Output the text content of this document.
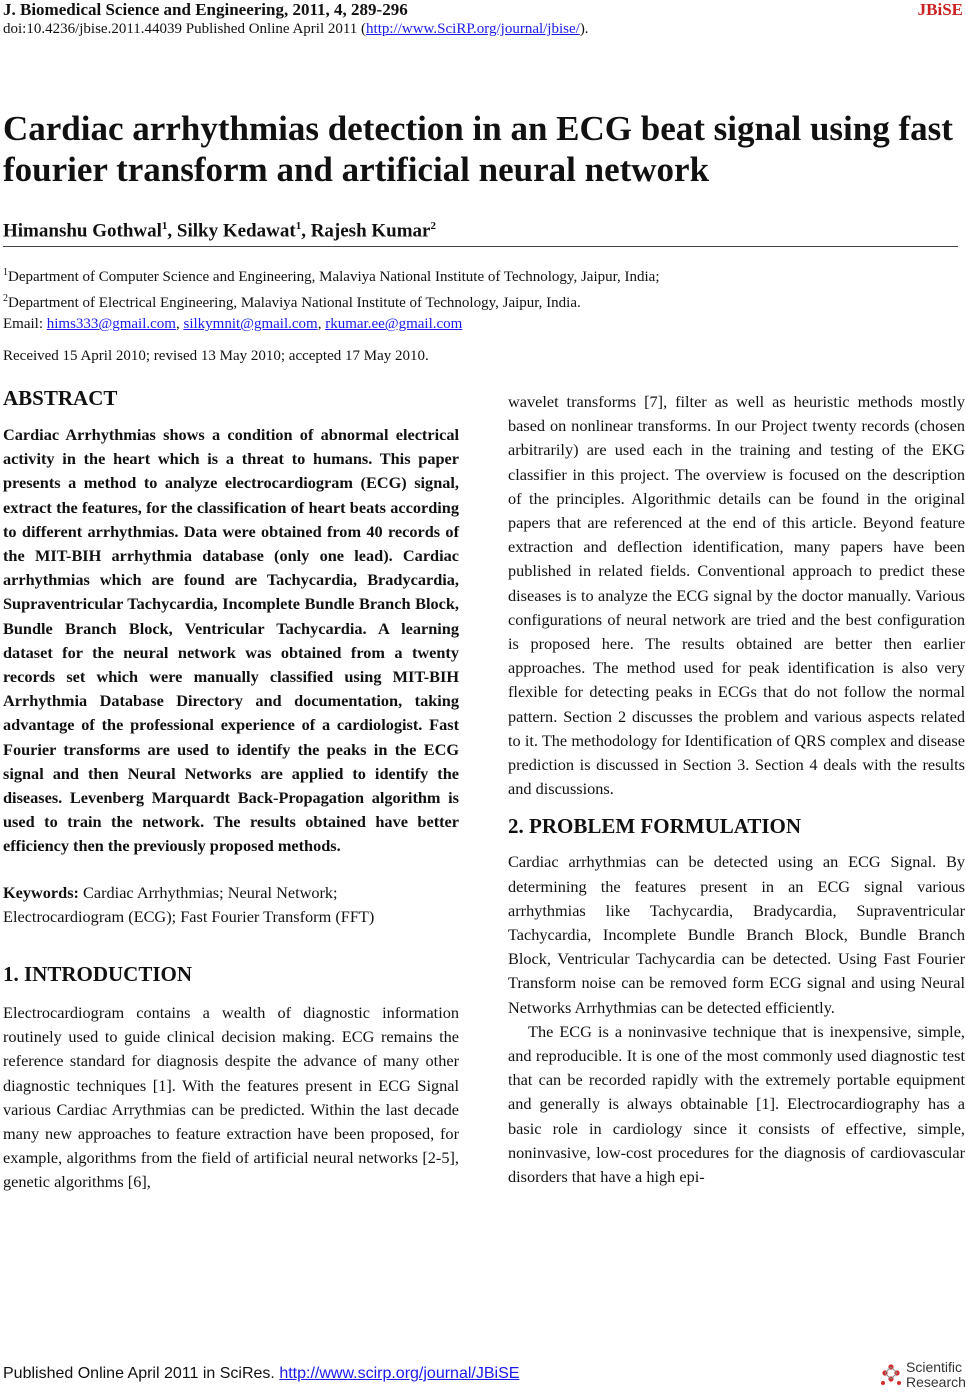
J. Biomedical Science and Engineering, 2011, 4, 289-296	JBiSE
doi:10.4236/jbise.2011.44039 Published Online April 2011 (http://www.SciRP.org/journal/jbise/).
Cardiac arrhythmias detection in an ECG beat signal using fast fourier transform and artificial neural network
Himanshu Gothwal$^1$, Silky Kedawat$^1$, Rajesh Kumar$^2$
$^1$Department of Computer Science and Engineering, Malaviya National Institute of Technology, Jaipur, India;
$^2$Department of Electrical Engineering, Malaviya National Institute of Technology, Jaipur, India.
Email: hims333@gmail.com, silkymnit@gmail.com, rkumar.ee@gmail.com
Received 15 April 2010; revised 13 May 2010; accepted 17 May 2010.
ABSTRACT

Cardiac Arrhythmias shows a condition of abnormal electrical activity in the heart which is a threat to humans. This paper presents a method to analyze electrocardiogram (ECG) signal, extract the features, for the classification of heart beats according to different arrhythmias. Data were obtained from 40 records of the MIT-BIH arrhythmia database (only one lead). Cardiac arrhythmias which are found are Tachycardia, Bradycardia, Supraventricular Tachycardia, Incomplete Bundle Branch Block, Bundle Branch Block, Ventricular Tachycardia. A learning dataset for the neural network was obtained from a twenty records set which were manually classified using MIT-BIH Arrhythmia Database Directory and documentation, taking advantage of the professional experience of a cardiologist. Fast Fourier transforms are used to identify the peaks in the ECG signal and then Neural Networks are applied to identify the diseases. Levenberg Marquardt Back-Propagation algorithm is used to train the network. The results obtained have better efficiency then the previously proposed methods.

Keywords: Cardiac Arrhythmias; Neural Network; Electrocardiogram (ECG); Fast Fourier Transform (FFT)

1. INTRODUCTION

Electrocardiogram contains a wealth of diagnostic information routinely used to guide clinical decision making. ECG remains the reference standard for diagnosis despite the advance of many other diagnostic techniques [1]. With the features present in ECG Signal various Cardiac Arrythmias can be predicted. Within the last decade many new approaches to feature extraction have been proposed, for example, algorithms from the field of artificial neural networks [2-5], genetic algorithms [6],

wavelet transforms [7], filter as well as heuristic methods mostly based on nonlinear transforms. In our Project twenty records (chosen arbitrarily) are used each in the training and testing of the EKG classifier in this project. The overview is focused on the description of the principles. Algorithmic details can be found in the original papers that are referenced at the end of this article. Beyond feature extraction and deflection identification, many papers have been published in related fields. Conventional approach to predict these diseases is to analyze the ECG signal by the doctor manually. Various configurations of neural network are tried and the best configuration is proposed here. The results obtained are better then earlier approaches. The method used for peak identification is also very flexible for detecting peaks in ECGs that do not follow the normal pattern. Section 2 discusses the problem and various aspects related to it. The methodology for Identification of QRS complex and disease prediction is discussed in Section 3. Section 4 deals with the results and discussions.

2. PROBLEM FORMULATION

Cardiac arrhythmias can be detected using an ECG Signal. By determining the features present in an ECG signal various arrhythmias like Tachycardia, Bradycardia, Supraventricular Tachycardia, Incomplete Bundle Branch Block, Bundle Branch Block, Ventricular Tachycardia can be detected. Using Fast Fourier Transform noise can be removed form ECG signal and using Neural Networks Arrhythmias can be detected efficiently.

The ECG is a noninvasive technique that is inexpensive, simple, and reproducible. It is one of the most commonly used diagnostic test that can be recorded rapidly with the extremely portable equipment and generally is always obtainable [1]. Electrocardiography has a basic role in cardiology since it consists of effective, simple, noninvasive, low-cost procedures for the diagnosis of cardiovascular disorders that have a high epi-

Published Online April 2011 in SciRes. http://www.scirp.org/journal/JBiSE	Scientific
Research
